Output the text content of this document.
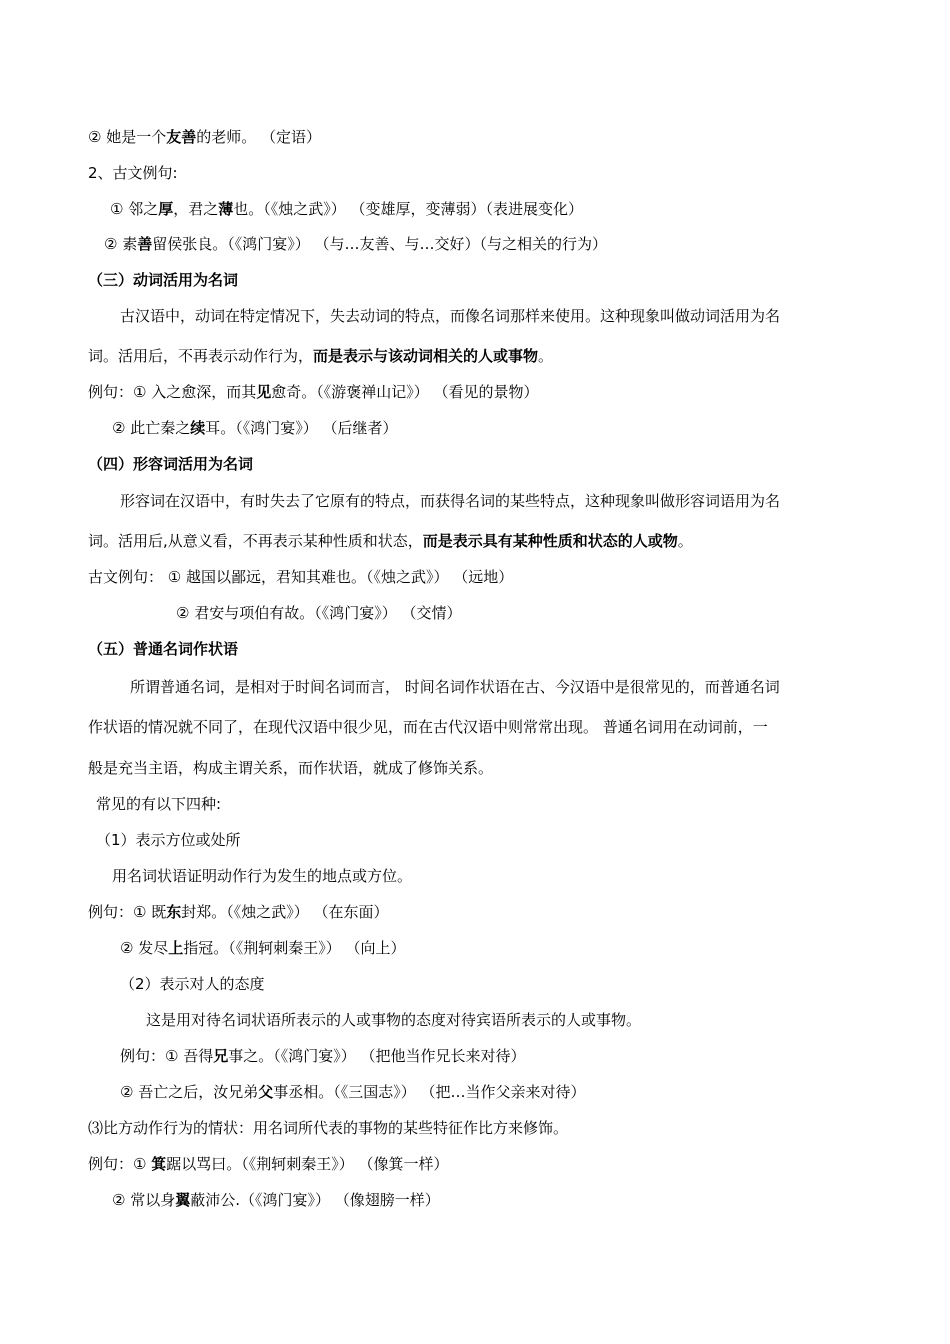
② 她是一个友善的老师。 （定语）
2、古文例句:
① 邻之厚，君之薄也。（《烛之武》） （变雄厚，变薄弱）（表进展变化）
② 素善留侯张良。（《鸿门宴》） （与…友善、与…交好）（与之相关的行为）
（三）动词活用为名词
古汉语中，动词在特定情况下，失去动词的特点，而像名词那样来使用。这种现象叫做动词活用为名
词。活用后，不再表示动作行为，而是表示与该动词相关的人或事物。
例句：① 入之愈深，而其见愈奇。（《游褒禅山记》） （看见的景物）
② 此亡秦之续耳。（《鸿门宴》） （后继者）
（四）形容词活用为名词
形容词在汉语中，有时失去了它原有的特点，而获得名词的某些特点，这种现象叫做形容词语用为名
词。活用后,从意义看，不再表示某种性质和状态，而是表示具有某种性质和状态的人或物。
古文例句： ① 越国以鄙远，君知其难也。（《烛之武》） （远地）
② 君安与项伯有故。（《鸿门宴》） （交情）
（五）普通名词作状语
所谓普通名词，是相对于时间名词而言， 时间名词作状语在古、今汉语中是很常见的，而普通名词
作状语的情况就不同了，在现代汉语中很少见，而在古代汉语中则常常出现。 普通名词用在动词前，一
般是充当主语，构成主谓关系，而作状语，就成了修饰关系。
常见的有以下四种:
（1）表示方位或处所
用名词状语证明动作行为发生的地点或方位。
例句：① 既东封郑。（《烛之武》） （在东面）
② 发尽上指冠。（《荆轲刺秦王》） （向上）
（2）表示对人的态度
这是用对待名词状语所表示的人或事物的态度对待宾语所表示的人或事物。
例句：① 吾得兄事之。（《鸿门宴》） （把他当作兄长来对待）
② 吾亡之后，汝兄弟父事丞相。（《三国志》） （把…当作父亲来对待）
⑶比方动作行为的情状：用名词所代表的事物的某些特征作比方来修饰。
例句：① 箕踞以骂曰。（《荆轲刺秦王》） （像箕一样）
② 常以身翼蔽沛公.（《鸿门宴》） （像翅膀一样）
